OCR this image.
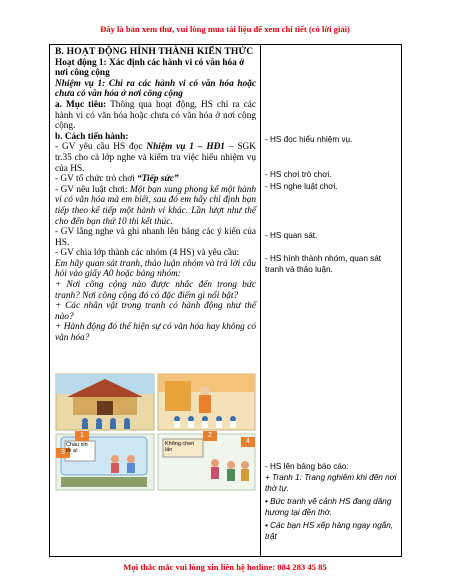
Đây là bản xem thử, vui lòng mua tài liệu để xem chi tiết (có lời giải)

B. HOẠT ĐỘNG HÌNH THÀNH KIẾN THỨC

Hoạt động 1: Xác định các hành vi có văn hóa ở nơi công cộng

Nhiệm vụ 1: Chỉ ra các hành vi có văn hóa hoặc chưa có văn hóa ở nơi công cộng

a. Mục tiêu: Thông qua hoạt động, HS chỉ ra các hành vi có văn hóa hoặc chưa có văn hóa ở nơi công cộng.

b. Cách tiến hành:

- GV yêu cầu HS đọc Nhiệm vụ 1 – HĐ1 – SGK tr.35 cho cả lớp nghe và kiểm tra việc hiểu nhiệm vụ của HS.

- GV tổ chức trò chơi “Tiếp sức”

- GV nêu luật chơi: Một bạn xung phong kể một hành vi có văn hóa mà em biết, sau đó em hãy chỉ định bạn tiếp theo kể tiếp một hành vi khác. Lần lượt như thế cho đến bạn thứ 10 thì kết thúc.

- GV lắng nghe và ghi nhanh lên bảng các ý kiến của HS.

- GV chia lớp thành các nhóm (4 HS) và yêu cầu:

Em hãy quan sát tranh, thảo luận nhóm và trả lời câu hỏi vào giấy A0 hoặc bảng nhóm:

+ Nơi công cộng nào được nhắc đến trong bức tranh? Nơi công cộng đó có đặc điểm gì nổi bật?

+ Các nhân vật trong tranh có hành động như thế nào?

+ Hành động đó thể hiện sự có văn hóa hay không có văn hóa?

1	2
3
4
Cháu xin lỗi ạ!
Không chen lấn
- HS đọc hiểu nhiệm vụ.
- HS chơi trò chơi.
- HS nghe luật chơi.
- HS quan sát.
- HS hình thành nhóm, quan sát tranh và thảo luận.
- HS lên bảng báo cáo:
+ Tranh 1: Trang nghiêm khi đến nơi thờ tự.
• Bức tranh vẽ cảnh HS đang dâng hương tại đền thờ.
• Các bạn HS xếp hàng ngay ngắn, trật
Mọi thắc mắc vui lòng xin liên hệ hotline: 084 283 45 85
